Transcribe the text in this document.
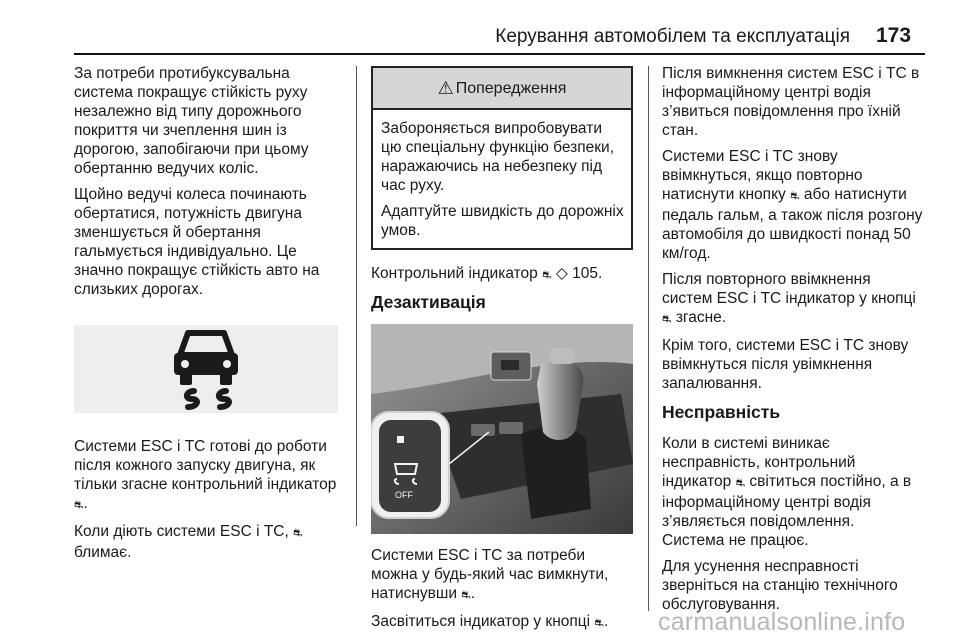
Керування автомобілем та експлуатація 173

За потреби протибуксувальна система покращує стійкість руху незалежно від типу дорожнього покриття чи зчеплення шин із дорогою, запобігаючи при цьому обертанню ведучих коліс.

Щойно ведучі колеса починають обертатися, потужність двигуна зменшується й обертання гальмується індивідуально. Це значно покращує стійкість авто на слизьких дорогах.

Системи ESC і TC готові до роботи після кожного запуску двигуна, як тільки згасне контрольний індикатор ⛐.

Коли діють системи ESC і TC, ⛐ блимає.

⚠ Попередження

Забороняється випробовувати цю спеціальну функцію безпеки, наражаючись на небезпеку під час руху.

Адаптуйте швидкість до дорожніх умов.

Контрольний індикатор ⛐ ◇ 105.

Дезактивація
OFF

Системи ESC і TC за потреби можна у будь-який час вимкнути, натиснувши ⛐.

Засвітиться індикатор у кнопці ⛐.

Після вимкнення систем ESC і TC в інформаційному центрі водія з’явиться повідомлення про їхній стан.

Системи ESC і TC знову ввімкнуться, якщо повторно натиснути кнопку ⛐ або натиснути педаль гальм, а також після розгону автомобіля до швидкості понад 50 км/год.

Після повторного ввімкнення систем ESC і TC індикатор у кнопці ⛐ згасне.

Крім того, системи ESC і TC знову ввімкнуться після увімкнення запалювання.

Несправність

Коли в системі виникає несправність, контрольний індикатор ⛐ світиться постійно, а в інформаційному центрі водія з’являється повідомлення.

Система не працює.

Для усунення несправності зверніться на станцію технічного обслуговування.

carmanualsonline.info
